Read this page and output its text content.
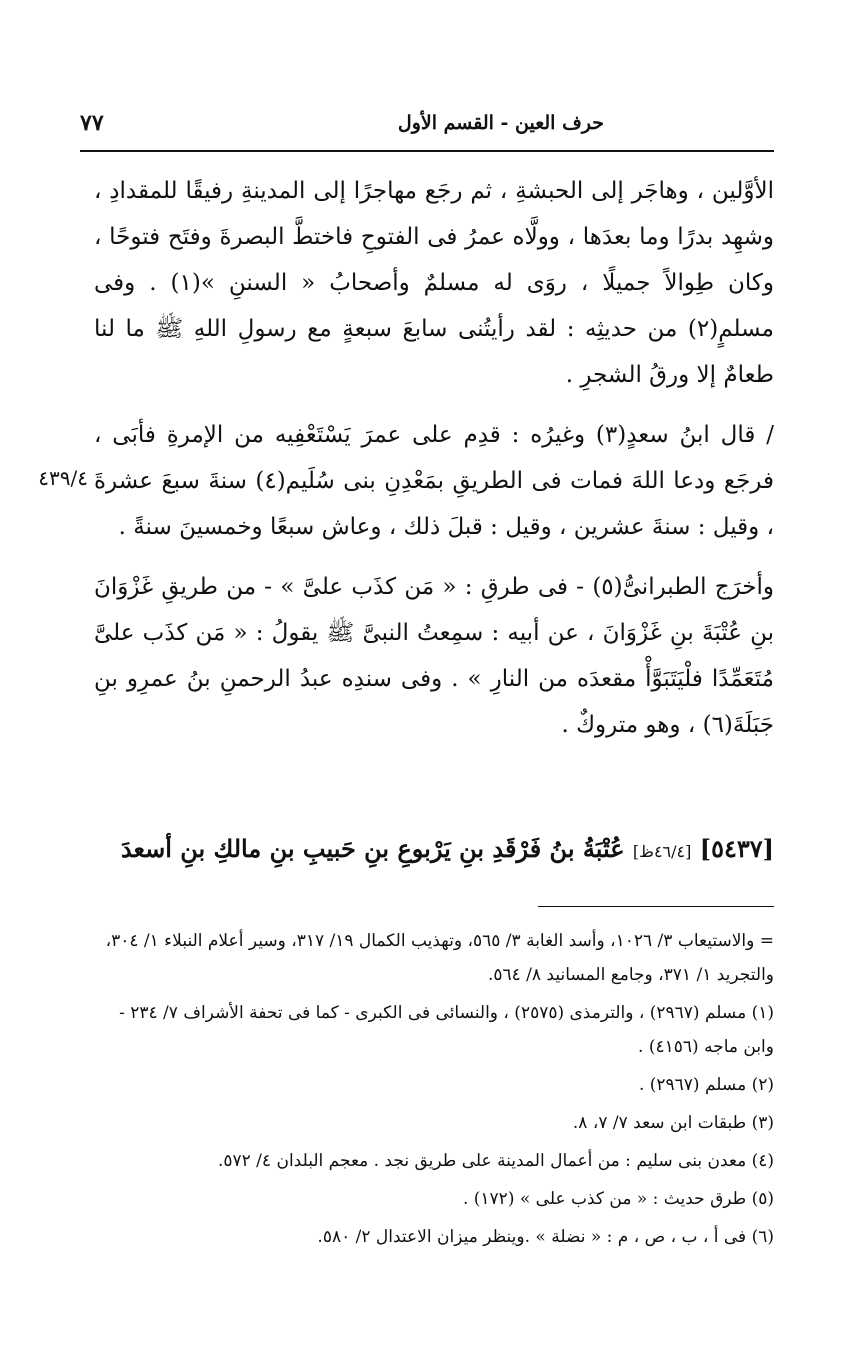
حرف العين - القسم الأول
٧٧
٤٣٩/٤

الأوَّلين ، وهاجَر إلى الحبشةِ ، ثم رجَع مهاجرًا إلى المدينةِ رفيقًا للمقدادِ ، وشهِد بدرًا وما بعدَها ، وولَّاه عمرُ فى الفتوحِ فاختطَّ البصرةَ وفتَح فتوحًا ، وكان طِوالاً جميلًا ، روَى له مسلمٌ وأصحابُ « السننِ »(١) . وفى مسلمٍ(٢) من حديثِه : لقد رأيتُنى سابعَ سبعةٍ مع رسولِ اللهِ ﷺ ما لنا طعامٌ إلا ورقُ الشجرِ .

/ قال ابنُ سعدٍ(٣) وغيرُه : قدِم على عمرَ يَسْتَعْفِيه من الإمرةِ فأبَى ، فرجَع ودعا اللهَ فمات فى الطريقِ بمَعْدِنِ بنى سُلَيم(٤) سنةَ سبعَ عشرةَ ، وقيل : سنةَ عشرين ، وقيل : قبلَ ذلك ، وعاش سبعًا وخمسينَ سنةً .

وأخرَج الطبرانىُّ(٥) - فى طرقِ : « مَن كذَب علىَّ » - من طريقِ غَزْوَانَ بنِ عُتْبَةَ بنِ غَزْوَانَ ، عن أبيه : سمِعتُ النبىَّ ﷺ يقولُ : « مَن كذَب علىَّ مُتَعَمِّدًا فلْيَتَبَوَّأْ مقعدَه من النارِ » . وفى سندِه عبدُ الرحمنِ بنُ عمرِو بنِ جَبَلَةَ(٦) ، وهو متروكٌ .

[٥٤٣٧] [٤٦/٤ظ] عُتْبَةُ بنُ فَرْقَدِ بنِ يَرْبوعِ بنِ حَبيبِ بنِ مالكِ بنِ أسعدَ

= والاستيعاب ٣/ ١٠٢٦، وأسد الغابة ٣/ ٥٦٥، وتهذيب الكمال ١٩/ ٣١٧، وسير أعلام النبلاء ١/ ٣٠٤، والتجريد ١/ ٣٧١، وجامع المسانيد ٨/ ٥٦٤.

(١) مسلم (٢٩٦٧) ، والترمذى (٢٥٧٥) ، والنسائى فى الكبرى - كما فى تحفة الأشراف ٧/ ٢٣٤ - وابن ماجه (٤١٥٦) .

(٢) مسلم (٢٩٦٧) .

(٣) طبقات ابن سعد ٧/ ٧، ٨.

(٤) معدن بنى سليم : من أعمال المدينة على طريق نجد . معجم البلدان ٤/ ٥٧٢.

(٥) طرق حديث : « من كذب على » (١٧٢) .

(٦) فى أ ، ب ، ص ، م : « نضلة » .وينظر ميزان الاعتدال ٢/ ٥٨٠.
